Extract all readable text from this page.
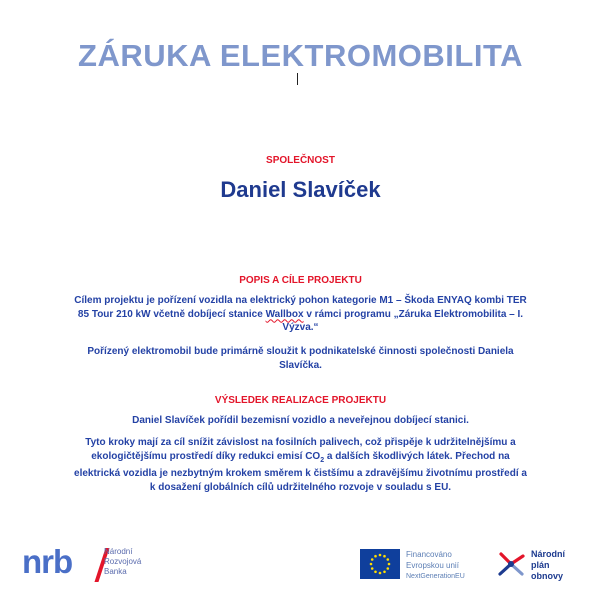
ZÁRUKA ELEKTROMOBILITA
SPOLEČNOST
Daniel Slavíček
POPIS A CÍLE PROJEKTU
Cílem projektu je pořízení vozidla na elektrický pohon kategorie M1 – Škoda ENYAQ kombi TER 85 Tour 210 kW včetně dobíjecí stanice Wallbox v rámci programu „Záruka Elektromobilita – I. Výzva.“
Pořízený elektromobil bude primárně sloužit k podnikatelské činnosti společnosti Daniela Slavíčka.
VÝSLEDEK REALIZACE PROJEKTU
Daniel Slavíček pořídil bezemisní vozidlo a neveřejnou dobíjecí stanici.
Tyto kroky mají za cíl snížit závislost na fosilních palivech, což přispěje k udržitelnějšímu a ekologičtějšímu prostředí díky redukci emisí $CO_2$ a dalších škodlivých látek. Přechod na elektrická vozidla je nezbytným krokem směrem k čistšímu a zdravějšímu životnímu prostředí a k dosažení globálních cílů udržitelného rozvoje v souladu s EU.
nrb	Národní
Rozvojová
Banka
Financováno
Evropskou unií
NextGenerationEU
Národní
plán
obnovy
